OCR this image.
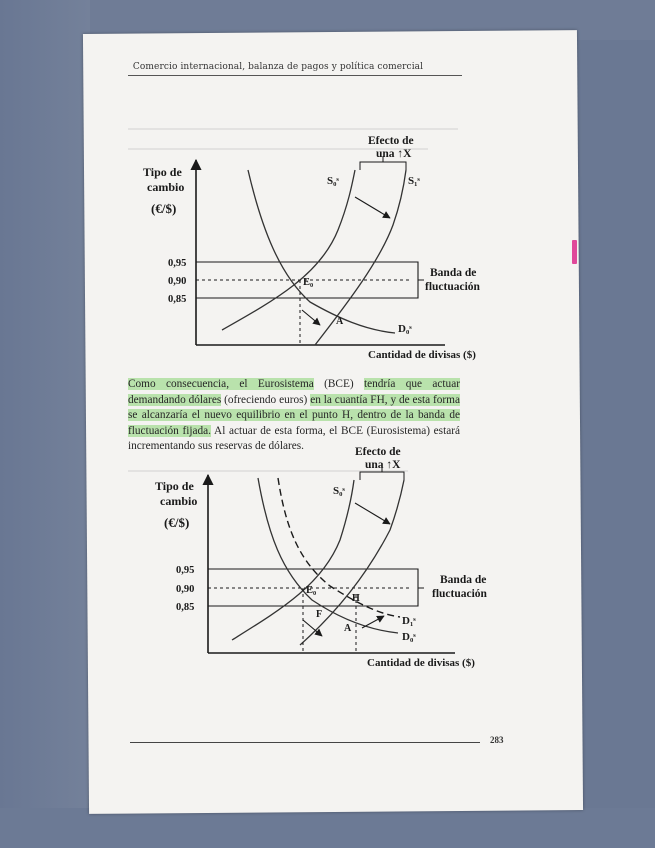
Comercio internacional, balanza de pagos y política comercial
Efecto de
una ↑X
Tipo de
cambio
(€/$)
0,95
0,90
0,85
Banda de
fluctuación
S₀ˢ	S₁ˢ
D₀ˢ
E₀
A
Cantidad de divisas ($)

Como consecuencia, el Eurosistema (BCE) tendría que actuar demandando dólares (ofreciendo euros) en la cuantía FH, y de esta forma se alcanzaría el nuevo equilibrio en el punto H, dentro de la banda de fluctuación fijada. Al actuar de esta forma, el BCE (Eurosistema) estará incrementando sus reservas de dólares.	Efecto de
una ↑X
Tipo de
cambio
(€/$)
0,95
0,90
0,85
Banda de
fluctuación
S₀ˢ
D₁ˢ
D₀ˢ
E₀
A
F
H
Cantidad de divisas ($)
283
